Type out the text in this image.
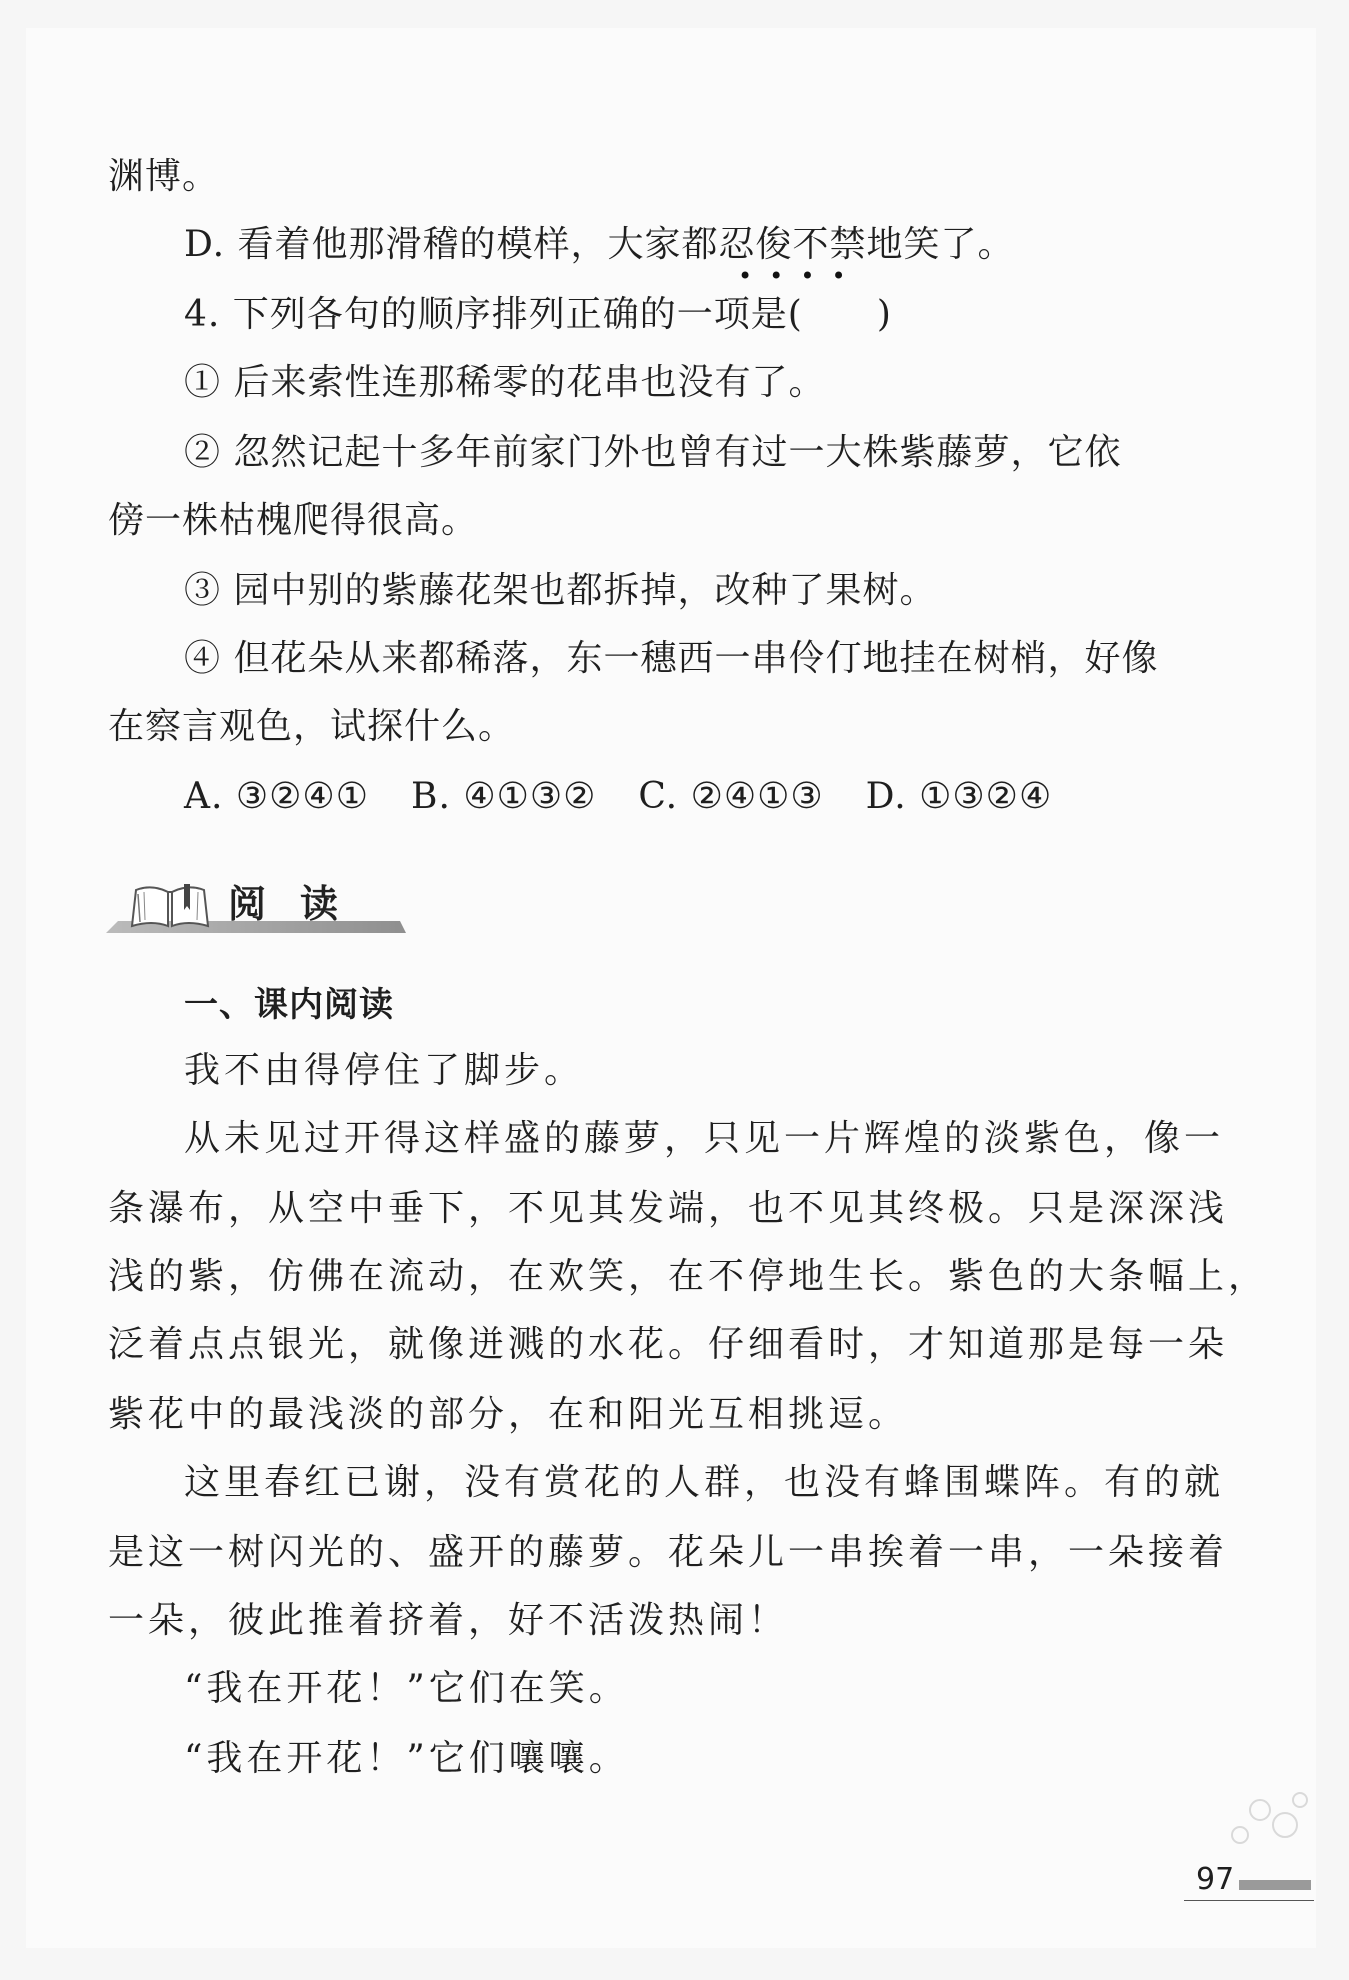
渊博。

D. 看着他那滑稽的模样，大家都忍俊不禁地笑了。

••••

4. 下列各句的顺序排列正确的一项是(　　)

① 后来索性连那稀零的花串也没有了。

② 忽然记起十多年前家门外也曾有过一大株紫藤萝，它依

傍一株枯槐爬得很高。

③ 园中别的紫藤花架也都拆掉，改种了果树。

④ 但花朵从来都稀落，东一穗西一串伶仃地挂在树梢，好像

在察言观色，试探什么。

A. ③②④① B. ④①③② C. ②④①③ D. ①③②④

阅读

一、课内阅读

我不由得停住了脚步。

从未见过开得这样盛的藤萝，只见一片辉煌的淡紫色，像一

条瀑布，从空中垂下，不见其发端，也不见其终极。只是深深浅

浅的紫，仿佛在流动，在欢笑，在不停地生长。紫色的大条幅上，

泛着点点银光，就像迸溅的水花。仔细看时，才知道那是每一朵

紫花中的最浅淡的部分，在和阳光互相挑逗。

这里春红已谢，没有赏花的人群，也没有蜂围蝶阵。有的就

是这一树闪光的、盛开的藤萝。花朵儿一串挨着一串，一朵接着

一朵，彼此推着挤着，好不活泼热闹！

“我在开花！”它们在笑。

“我在开花！”它们嚷嚷。

97
